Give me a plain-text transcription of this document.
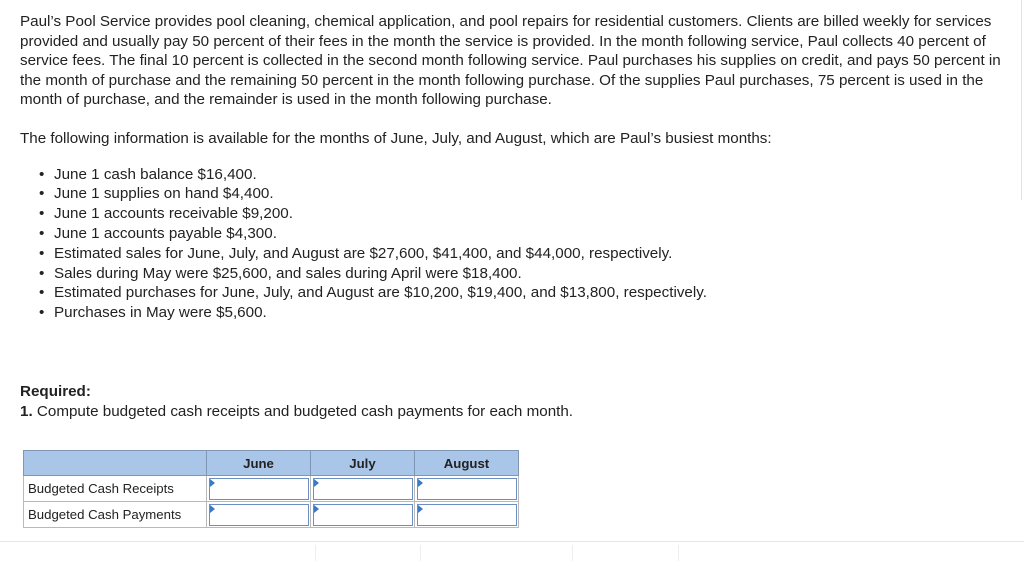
Paul’s Pool Service provides pool cleaning, chemical application, and pool repairs for residential customers. Clients are billed weekly for services provided and usually pay 50 percent of their fees in the month the service is provided. In the month following service, Paul collects 40 percent of service fees. The final 10 percent is collected in the second month following service. Paul purchases his supplies on credit, and pays 50 percent in the month of purchase and the remaining 50 percent in the month following purchase. Of the supplies Paul purchases, 75 percent is used in the month of purchase, and the remainder is used in the month following purchase.

The following information is available for the months of June, July, and August, which are Paul’s busiest months:

• June 1 cash balance $16,400.
• June 1 supplies on hand $4,400.
• June 1 accounts receivable $9,200.
• June 1 accounts payable $4,300.
• Estimated sales for June, July, and August are $27,600, $41,400, and $44,000, respectively.
• Sales during May were $25,600, and sales during April were $18,400.
• Estimated purchases for June, July, and August are $10,200, $19,400, and $13,800, respectively.
• Purchases in May were $5,600.
Required:
1. Compute budgeted cash receipts and budgeted cash payments for each month.
	June	July	August
Budgeted Cash Receipts	

Budgeted Cash Payments	
